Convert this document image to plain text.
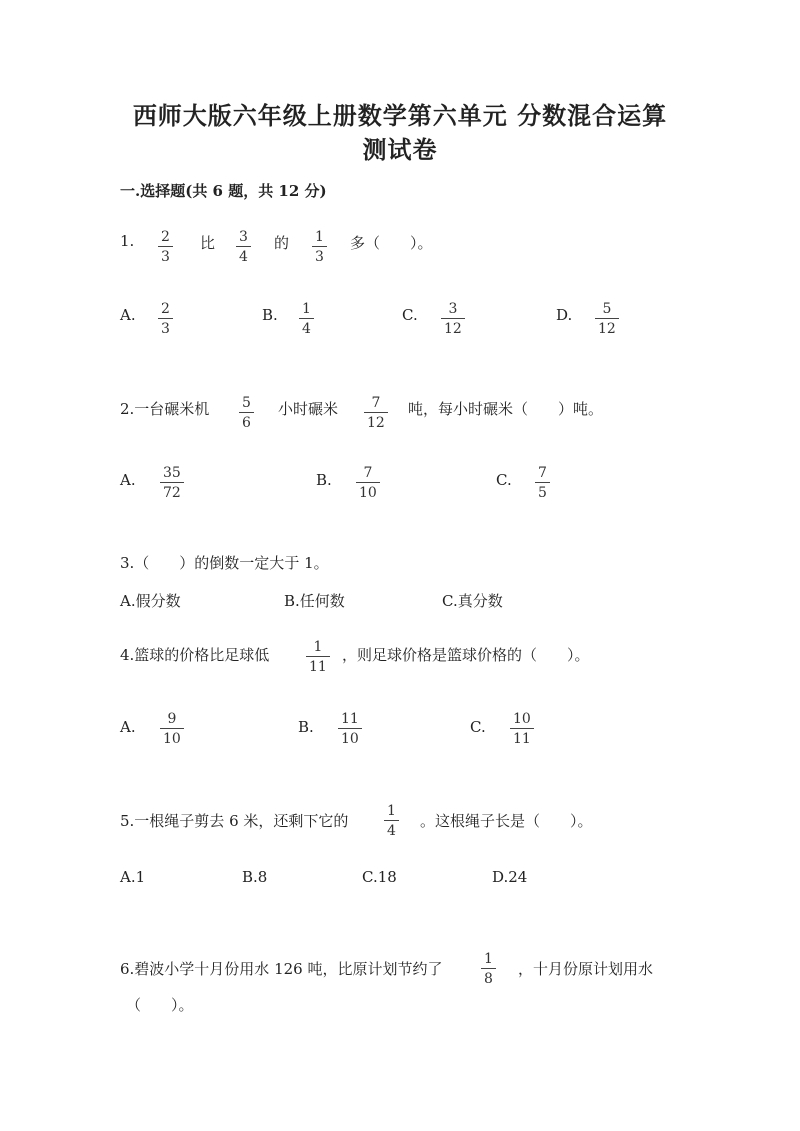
西师大版六年级上册数学第六单元 分数混合运算
测试卷
一.选择题(共 6 题，共 12 分)
1. 2
3
比 3
4
的 1
3
多（　　）。
A. 2
3
B. 1
4
C. 3
12
D. 5
12
2.一台碾米机 5
6
小时碾米 7
12
吨，每小时碾米（　　）吨。
A. 35
72
B. 7
10
C. 7
5
3.（　　）的倒数一定大于 1。
A.假分数	B.任何数	C.真分数
4.篮球的价格比足球低	1
11
，则足球价格是篮球价格的（　　）。
A. 9
10
B. 11
10
C. 10
11
5.一根绳子剪去 6 米，还剩下它的
1
4
。这根绳子长是（　　）。
A.1	B.8	C.18	D.24
6.碧波小学十月份用水 126 吨，比原计划节约了
1
8
，十月份原计划用水
（　　）。
